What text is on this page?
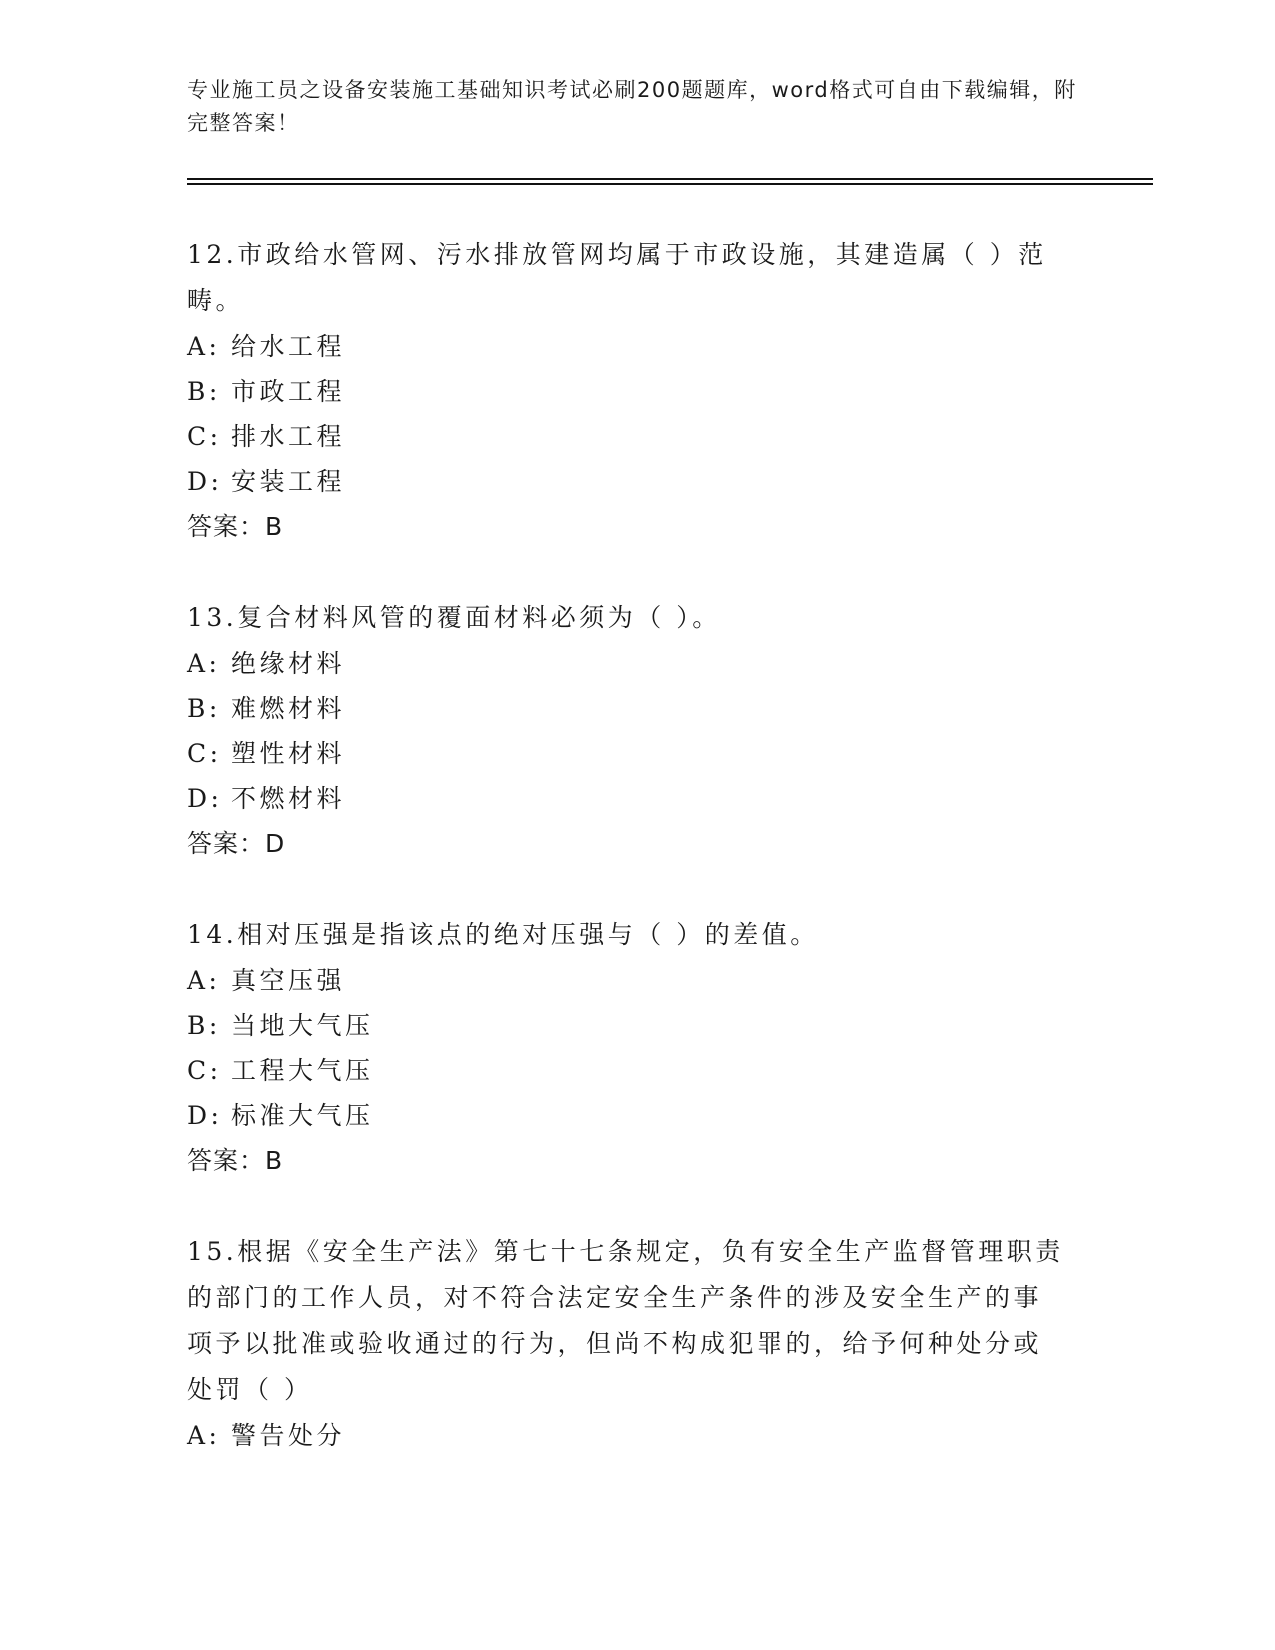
专业施工员之设备安装施工基础知识考试必刷200题题库，word格式可自由下载编辑，附完整答案！
12.市政给水管网、污水排放管网均属于市政设施，其建造属（ ）范畴。
A: 给水工程
B: 市政工程
C: 排水工程
D: 安装工程
答案：B
13.复合材料风管的覆面材料必须为（ ）。
A: 绝缘材料
B: 难燃材料
C: 塑性材料
D: 不燃材料
答案：D
14.相对压强是指该点的绝对压强与（ ）的差值。
A: 真空压强
B: 当地大气压
C: 工程大气压
D: 标准大气压
答案：B
15.根据《安全生产法》第七十七条规定，负有安全生产监督管理职责的部门的工作人员，对不符合法定安全生产条件的涉及安全生产的事项予以批准或验收通过的行为，但尚不构成犯罪的，给予何种处分或处罚（ ）
A: 警告处分
